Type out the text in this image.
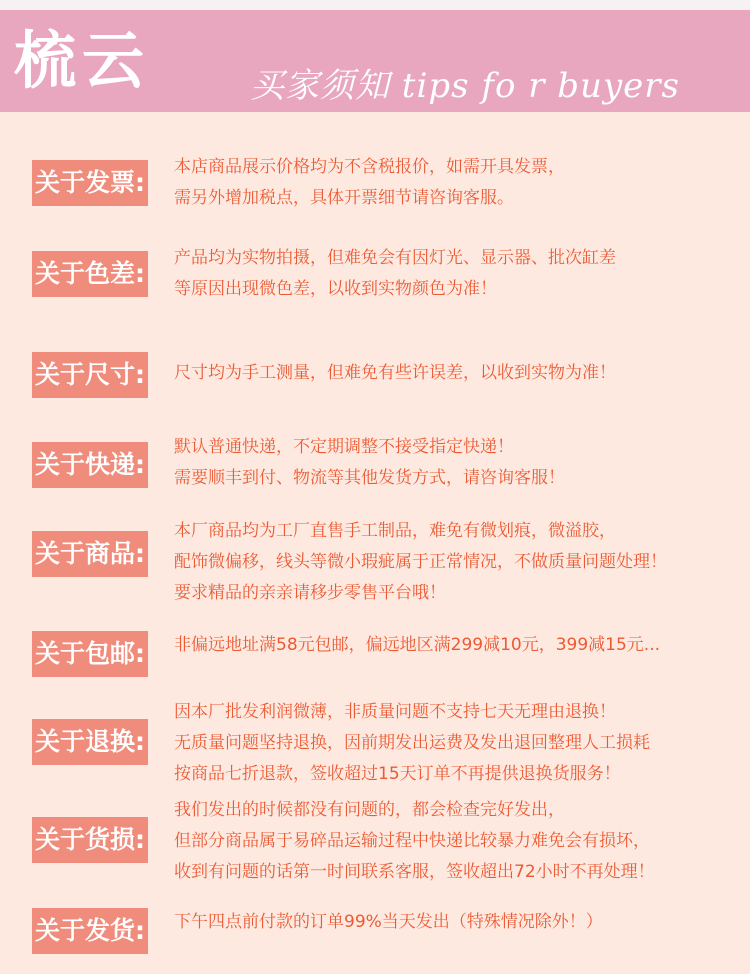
梳云	买家须知 tips fo r buyers
关于发票:
本店商品展示价格均为不含税报价，如需开具发票，
需另外增加税点，具体开票细节请咨询客服。
关于色差:
产品均为实物拍摄，但难免会有因灯光、显示器、批次缸差
等原因出现微色差，以收到实物颜色为准！
关于尺寸: 尺寸均为手工测量，但难免有些许误差，以收到实物为准！
关于快递:
默认普通快递，不定期调整不接受指定快递！
需要顺丰到付、物流等其他发货方式，请咨询客服！
关于商品:
本厂商品均为工厂直售手工制品，难免有微划痕，微溢胶，
配饰微偏移，线头等微小瑕疵属于正常情况，不做质量问题处理！
要求精品的亲亲请移步零售平台哦！
关于包邮: 非偏远地址满58元包邮，偏远地区满299减10元，399减15元...
关于退换:
因本厂批发利润微薄，非质量问题不支持七天无理由退换！
无质量问题坚持退换，因前期发出运费及发出退回整理人工损耗
按商品七折退款，签收超过15天订单不再提供退换货服务！
关于货损:
我们发出的时候都没有问题的，都会检查完好发出，
但部分商品属于易碎品运输过程中快递比较暴力难免会有损坏，
收到有问题的话第一时间联系客服，签收超出72小时不再处理！
关于发货: 下午四点前付款的订单99%当天发出（特殊情况除外！）
